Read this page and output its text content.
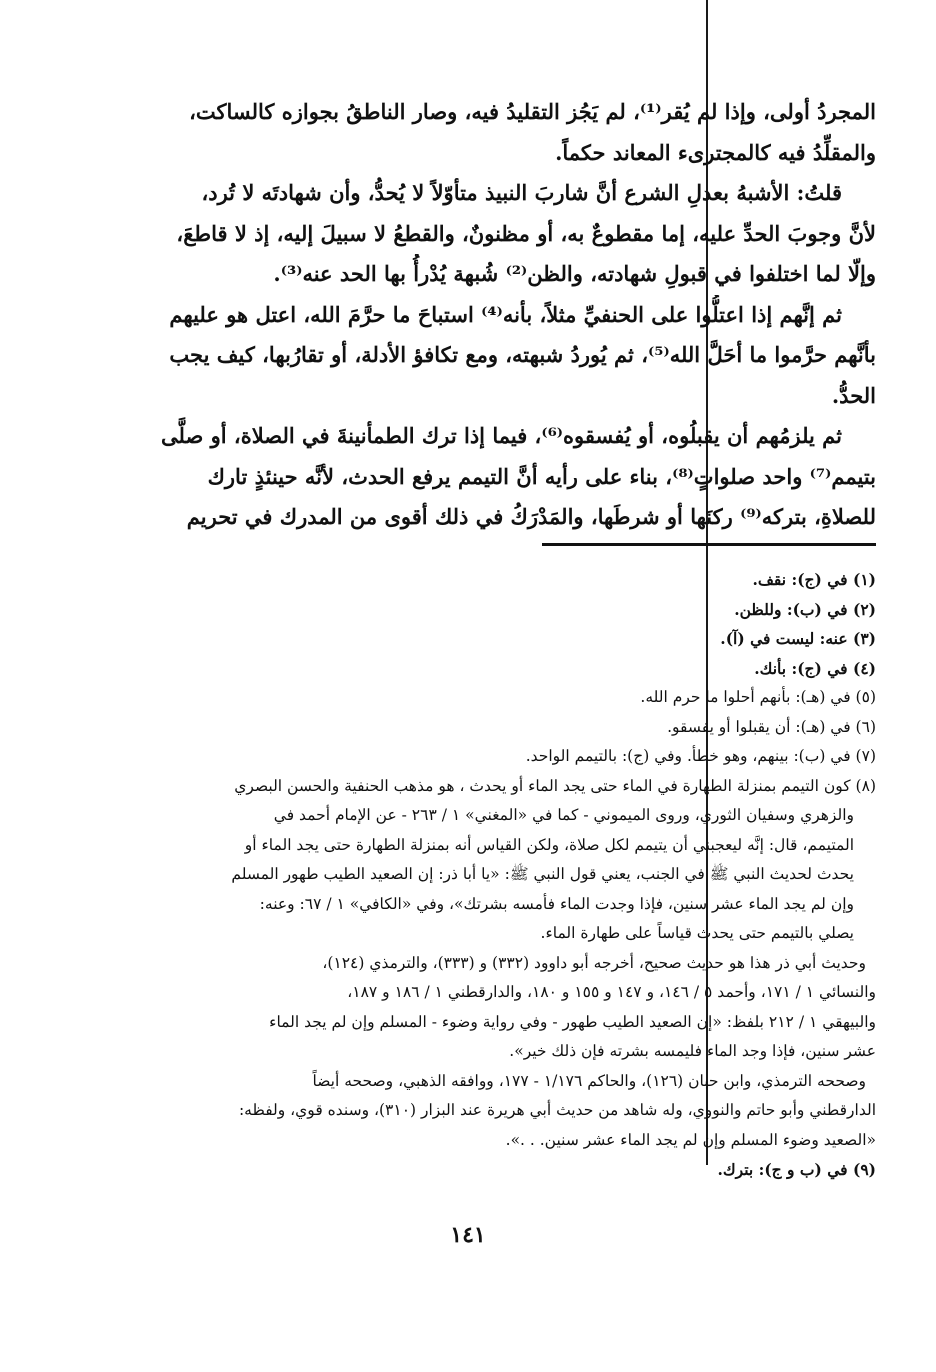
المجردُ أولى، وإذا لم يُقر⁽¹⁾، لم يَجُز التقليدُ فيه، وصار الناطقُ بجوازه كالساكت،
والمقلِّدُ فيه كالمجترىء المعاند حكماً.
قلتُ: الأشبهُ بعدلِ الشرع أنَّ شاربَ النبيذ متأوّلاً لا يُحدُّ، وأن شهادتَه لا تُرد،
لأنَّ وجوبَ الحدِّ عليه، إما مقطوعٌ به، أو مظنونٌ، والقطعُ لا سبيلَ إليه، إذ لا قاطعَ،
وإلّا لما اختلفوا في قبولِ شهادته، والظن⁽²⁾ شُبهة يُدْرأُ بها الحد عنه⁽³⁾.
ثم إنَّهم إذا اعتلُّوا على الحنفيِّ مثلاً، بأنه⁽⁴⁾ استباحَ ما حرَّمَ الله، اعتل هو عليهم
بأنَّهم حرَّموا ما أحَلَّ الله⁽⁵⁾، ثم يُوردُ شبهته، ومع تكافؤ الأدلة، أو تقارُبها، كيف يجب
الحدُّ.
ثم يلزمُهم أن يقبلُوه، أو يُفسقوه⁽⁶⁾، فيما إذا ترك الطمأنينةَ في الصلاة، أو صلَّى
بتيمم⁽⁷⁾ واحد صلواتٍ⁽⁸⁾، بناء على رأيه أنَّ التيمم يرفع الحدث، لأنَّه حينئذٍ تارك
للصلاةِ، بتركه⁽⁹⁾ ركنَها أو شرطَها، والمَدْرَكُ في ذلك أقوى من المدرك في تحريم
(١) في (ج): نقف.
(٢) في (ب): وللظن.
(٣) عنه: ليست في (آ).
(٤) في (ج): بأنك.
(٥) في (هـ): بأنهم أحلوا ما حرم الله.
(٦) في (هـ): أن يقبلوا أو يفسقو.
(٧) في (ب): بينهم، وهو خطأ. وفي (ج): بالتيمم الواحد.
(٨) كون التيمم بمنزلة الطهارة في الماء حتى يجد الماء أو يحدث ، هو مذهب الحنفية والحسن البصري
والزهري وسفيان الثوري، وروى الميموني - كما في «المغني» ١ / ٢٦٣ - عن الإمام أحمد في
المتيمم، قال: إنَّه ليعجبني أن يتيمم لكل صلاة، ولكن القياس أنه بمنزلة الطهارة حتى يجد الماء أو
يحدث لحديث النبي ﷺ في الجنب، يعني قول النبي ﷺ: «يا أبا ذر: إن الصعيد الطيب طهور المسلم
وإن لم يجد الماء عشر سنين، فإذا وجدت الماء فأمسه بشرتك»، وفي «الكافي» ١ / ٦٧: وعنه:
يصلي بالتيمم حتى يحدث قياساً على طهارة الماء.
وحديث أبي ذر هذا هو حديث صحيح، أخرجه أبو داوود (٣٣٢) و (٣٣٣)، والترمذي (١٢٤)،
والنسائي ١ / ١٧١، وأحمد ٥ / ١٤٦، و ١٤٧ و ١٥٥ و ١٨٠، والدارقطني ١ / ١٨٦ و ١٨٧،
والبيهقي ١ / ٢١٢ بلفظ: «إن الصعيد الطيب طهور - وفي رواية وضوء - المسلم وإن لم يجد الماء
عشر سنين، فإذا وجد الماء فليمسه بشرته فإن ذلك خير».
وصححه الترمذي، وابن حبان (١٢٦)، والحاكم ١/١٧٦ - ١٧٧، ووافقه الذهبي، وصححه أيضاً
الدارقطني وأبو حاتم والنووي، وله شاهد من حديث أبي هريرة عند البزار (٣١٠)، وسنده قوي، ولفظه:
«الصعيد وضوء المسلم وإن لم يجد الماء عشر سنين. . .».
(٩) في (ب و ج): بترك.
١٤١
